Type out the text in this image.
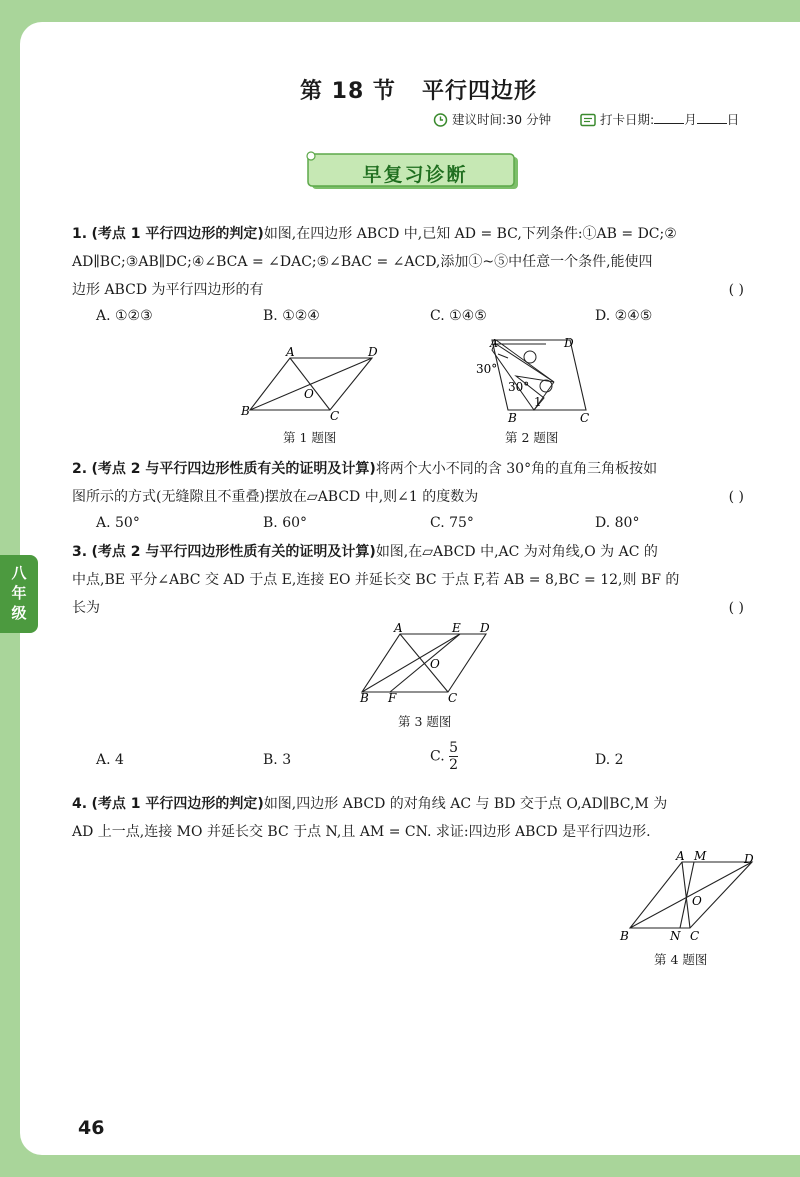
第 18 节 平行四边形
建议时间:30 分钟	打卡日期: 月 日
早复习诊断
八
年
级
1. (考点 1 平行四边形的判定)如图,在四边形 ABCD 中,已知 AD = BC,下列条件:①AB = DC;②
AD∥BC;③AB∥DC;④∠BCA = ∠DAC;⑤∠BAC = ∠ACD,添加①~⑤中任意一个条件,能使四
边形 ABCD 为平行四边形的有	( )
A. ①②③	B. ①②④	C. ①④⑤	D. ②④⑤
A	D
B	C
O
第 1 题图
A	D
B	C
30°
30°
1
第 2 题图
2. (考点 2 与平行四边形性质有关的证明及计算)将两个大小不同的含 30°角的直角三角板按如
图所示的方式(无缝隙且不重叠)摆放在▱ABCD 中,则∠1 的度数为	( )
A. 50°	B. 60°	C. 75°	D. 80°
3. (考点 2 与平行四边形性质有关的证明及计算)如图,在▱ABCD 中,AC 为对角线,O 为 AC 的
中点,BE 平分∠ABC 交 AD 于点 E,连接 EO 并延长交 BC 于点 F,若 AB = 8,BC = 12,则 BF 的
长为	( )
A	E D
B F	C
O
第 3 题图
A. 4	B. 3	C. $\frac{5}{2}$	D. 2
4. (考点 1 平行四边形的判定)如图,四边形 ABCD 的对角线 AC 与 BD 交于点 O,AD∥BC,M 为
AD 上一点,连接 MO 并延长交 BC 于点 N,且 AM = CN. 求证:四边形 ABCD 是平行四边形.
A M	D
B	N C
O
第 4 题图
46
